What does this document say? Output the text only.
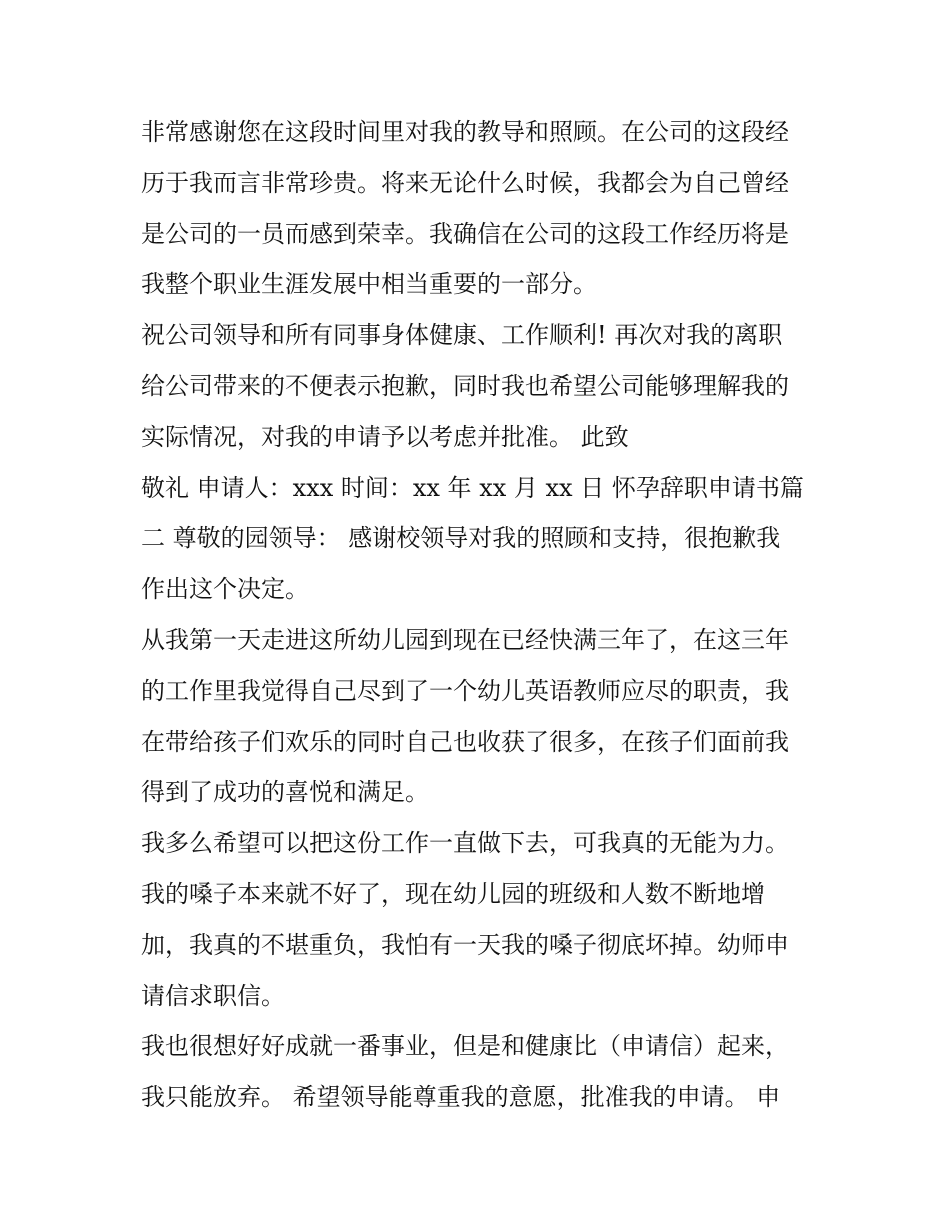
非常感谢您在这段时间里对我的教导和照顾。在公司的这段经
历于我而言非常珍贵。将来无论什么时候，我都会为自己曾经
是公司的一员而感到荣幸。我确信在公司的这段工作经历将是
我整个职业生涯发展中相当重要的一部分。
祝公司领导和所有同事身体健康、工作顺利! 再次对我的离职
给公司带来的不便表示抱歉，同时我也希望公司能够理解我的
实际情况，对我的申请予以考虑并批准。 此致
敬礼 申请人：xxx 时间：xx 年 xx 月 xx 日 怀孕辞职申请书篇
二 尊敬的园领导： 感谢校领导对我的照顾和支持，很抱歉我
作出这个决定。
从我第一天走进这所幼儿园到现在已经快满三年了，在这三年
的工作里我觉得自己尽到了一个幼儿英语教师应尽的职责，我
在带给孩子们欢乐的同时自己也收获了很多，在孩子们面前我
得到了成功的喜悦和满足。
我多么希望可以把这份工作一直做下去，可我真的无能为力。
我的嗓子本来就不好了，现在幼儿园的班级和人数不断地增
加，我真的不堪重负，我怕有一天我的嗓子彻底坏掉。幼师申
请信求职信。
我也很想好好成就一番事业，但是和健康比（申请信）起来，
我只能放弃。 希望领导能尊重我的意愿，批准我的申请。 申
